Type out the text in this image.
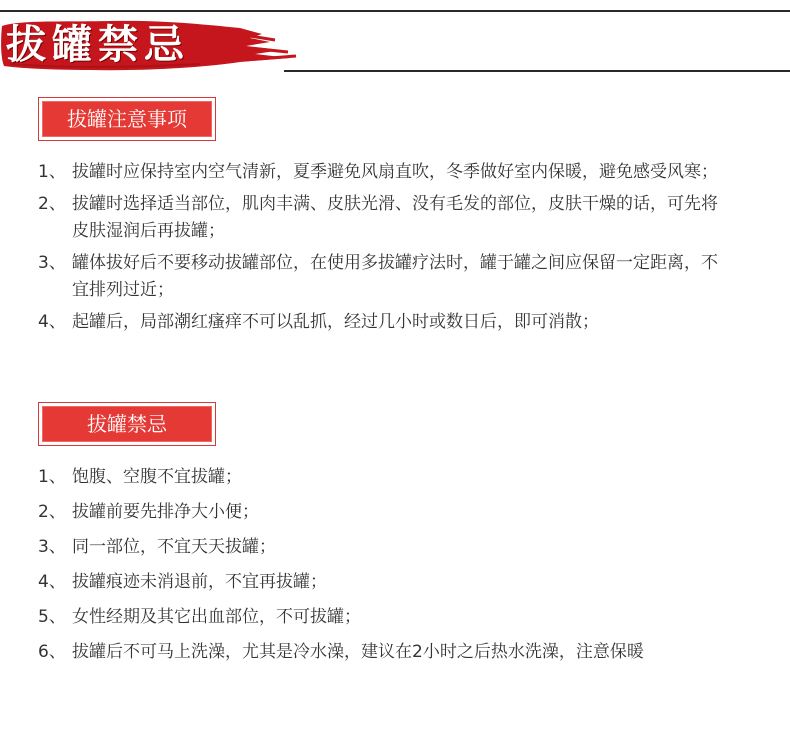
拔罐禁忌
拔罐注意事项
1、 拔罐时应保持室内空气清新，夏季避免风扇直吹，冬季做好室内保暖，避免感受风寒；
2、 拔罐时选择适当部位，肌肉丰满、皮肤光滑、没有毛发的部位，皮肤干燥的话，可先将皮肤湿润后再拔罐；
3、 罐体拔好后不要移动拔罐部位，在使用多拔罐疗法时，罐于罐之间应保留一定距离，不宜排列过近；
4、 起罐后，局部潮红瘙痒不可以乱抓，经过几小时或数日后，即可消散；
拔罐禁忌
1、 饱腹、空腹不宜拔罐；
2、 拔罐前要先排净大小便；
3、 同一部位，不宜天天拔罐；
4、 拔罐痕迹未消退前，不宜再拔罐；
5、 女性经期及其它出血部位，不可拔罐；
6、 拔罐后不可马上洗澡，尤其是冷水澡，建议在2小时之后热水洗澡，注意保暖
